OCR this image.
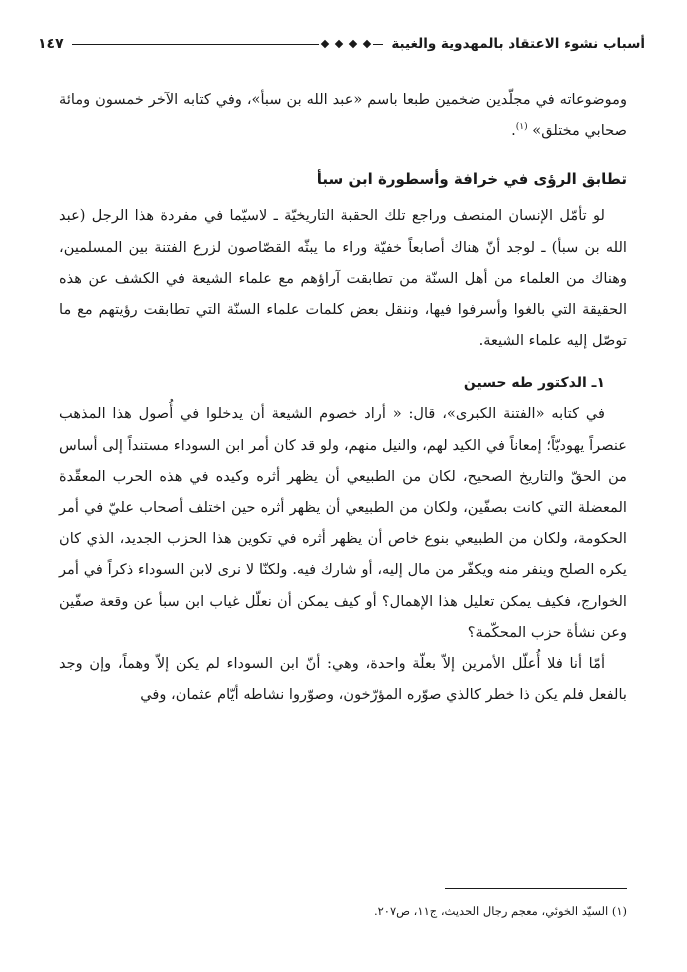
أسباب نشوء الاعتقاد بالمهدوية والغيبة
١٤٧

وموضوعاته في مجلّدين ضخمين طبعا باسم «عبد الله بن سبأ»، وفي كتابه الآخر خمسون ومائة صحابي مختلق» $^{(١)}$.

تطابق الرؤى في خرافة وأسطورة ابن سبأ

لو تأمّل الإنسان المنصف وراجع تلك الحقبة التاريخيّة ـ لاسيّما في مفردة هذا الرجل (عبد الله بن سبأ) ـ لوجد أنّ هناك أصابعاً خفيّة وراء ما يبثّه القصّاصون لزرع الفتنة بين المسلمين، وهناك من العلماء من أهل السنّة من تطابقت آراؤهم مع علماء الشيعة في الكشف عن هذه الحقيقة التي بالغوا وأسرفوا فيها، وننقل بعض كلمات علماء السنّة التي تطابقت رؤيتهم مع ما توصّل إليه علماء الشيعة.

١ـ الدكتور طه حسين

في كتابه «الفتنة الكبرى»، قال: « أراد خصوم الشيعة أن يدخلوا في أُصول هذا المذهب عنصراً يهوديّاً؛ إمعاناً في الكيد لهم، والنيل منهم، ولو قد كان أمر ابن السوداء مستنداً إلى أساس من الحقّ والتاريخ الصحيح، لكان من الطبيعي أن يظهر أثره وكيده في هذه الحرب المعقّدة المعضلة التي كانت بصفّين، ولكان من الطبيعي أن يظهر أثره حين اختلف أصحاب عليّ في أمر الحكومة، ولكان من الطبيعي بنوع خاص أن يظهر أثره في تكوين هذا الحزب الجديد، الذي كان يكره الصلح وينفر منه ويكفّر من مال إليه، أو شارك فيه. ولكنّا لا نرى لابن السوداء ذكراً في أمر الخوارج، فكيف يمكن تعليل هذا الإهمال؟ أو كيف يمكن أن نعلّل غياب ابن سبأ عن وقعة صفّين وعن نشأة حزب المحكّمة؟

أمّا أنا فلا أُعلّل الأمرين إلاّ بعلّة واحدة، وهي: أنّ ابن السوداء لم يكن إلاّ وهماً، وإن وجد بالفعل فلم يكن ذا خطر كالذي صوّره المؤرّخون، وصوّروا نشاطه أيّام عثمان، وفي

(١) السيّد الخوئي، معجم رجال الحديث، ج١١، ص٢٠٧.
